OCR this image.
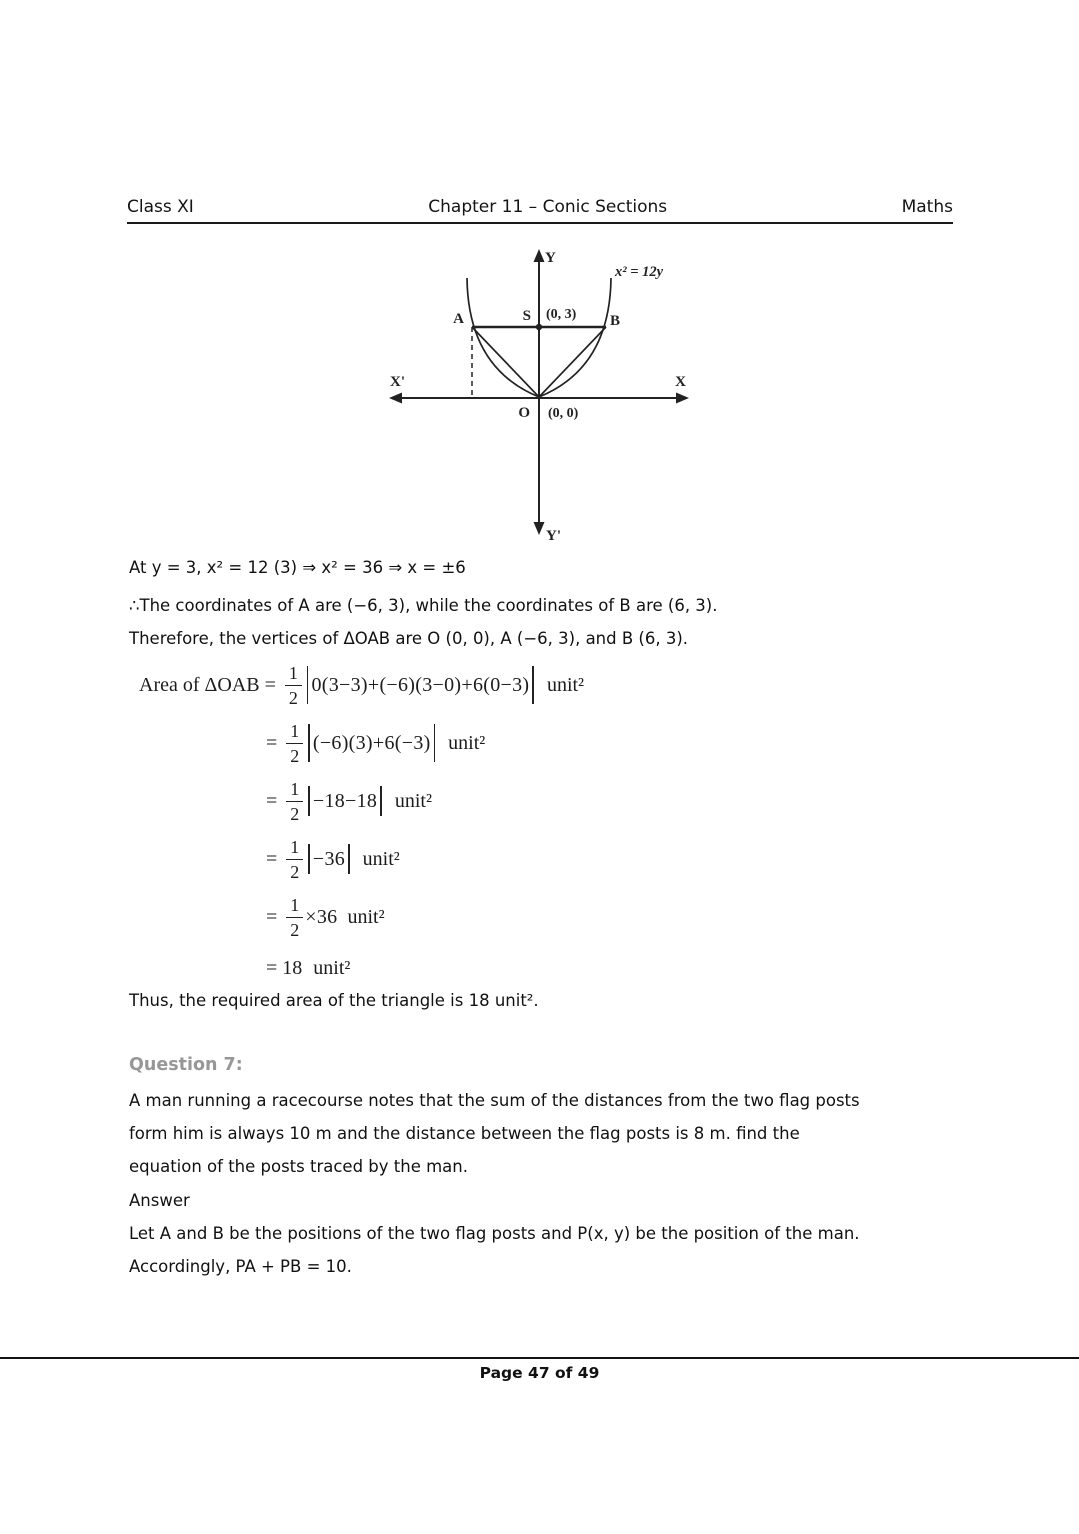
Class XI	Chapter 11 – Conic Sections	Maths
Y
Y'
X'	X
A	B
S (0, 3)
O (0, 0)
x² = 12y
At y = 3, x² = 12 (3) ⇒ x² = 36 ⇒ x = ±6
∴The coordinates of A are (−6, 3), while the coordinates of B are (6, 3).
Therefore, the vertices of ΔOAB are O (0, 0), A (−6, 3), and B (6, 3).
Area of $\Delta OAB = \frac{1}{2} 0(3-3)+(-6)(3-0)+6(0-3)$ unit²
= $\frac{1}{2} (-6)(3)+6(-3)$ unit²
= $\frac{1}{2} -18-18$ unit²
= $\frac{1}{2} -36$ unit²
= $\frac{1}{2} \times 36$ unit²
= 18 unit²
Thus, the required area of the triangle is 18 unit².
Question 7:
A man running a racecourse notes that the sum of the distances from the two flag posts
form him is always 10 m and the distance between the flag posts is 8 m. find the
equation of the posts traced by the man.
Answer
Let A and B be the positions of the two flag posts and P(x, y) be the position of the man.
Accordingly, PA + PB = 10.
Page 47 of 49
